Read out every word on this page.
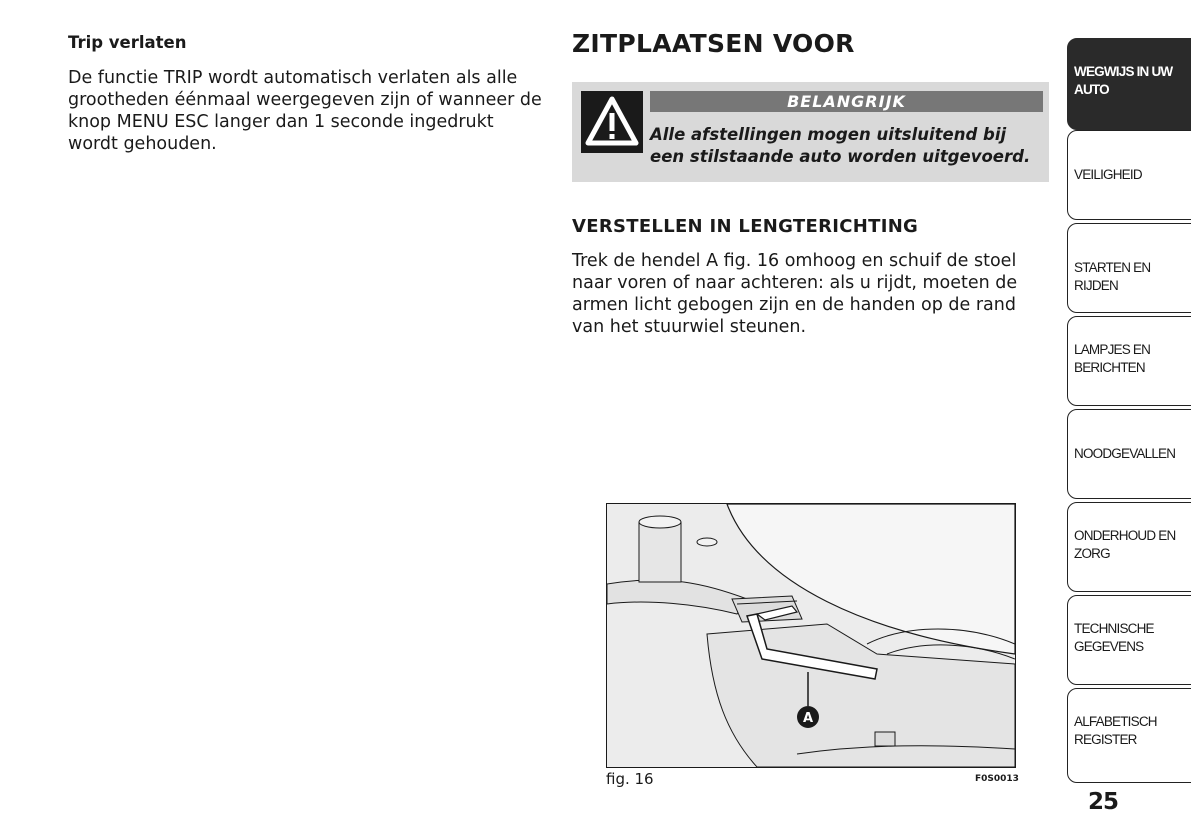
Trip verlaten
De functie TRIP wordt automatisch verlaten als alle grootheden éénmaal weergegeven zijn of wanneer de knop MENU ESC langer dan 1 seconde ingedrukt wordt gehouden.
ZITPLAATSEN VOOR
BELANGRIJK
Alle afstellingen mogen uitsluitend bij een stilstaande auto worden uitgevoerd.
VERSTELLEN IN LENGTERICHTING
Trek de hendel A fig. 16 omhoog en schuif de stoel naar voren of naar achteren: als u rijdt, moeten de armen licht gebogen zijn en de handen op de rand van het stuurwiel steunen.
A
fig. 16	F0S0013
WEGWIJS IN UW AUTO
VEILIGHEID
STARTEN EN RIJDEN
LAMPJES EN BERICHTEN
NOODGEVALLEN
ONDERHOUD EN ZORG
TECHNISCHE GEGEVENS
ALFABETISCH REGISTER
25
